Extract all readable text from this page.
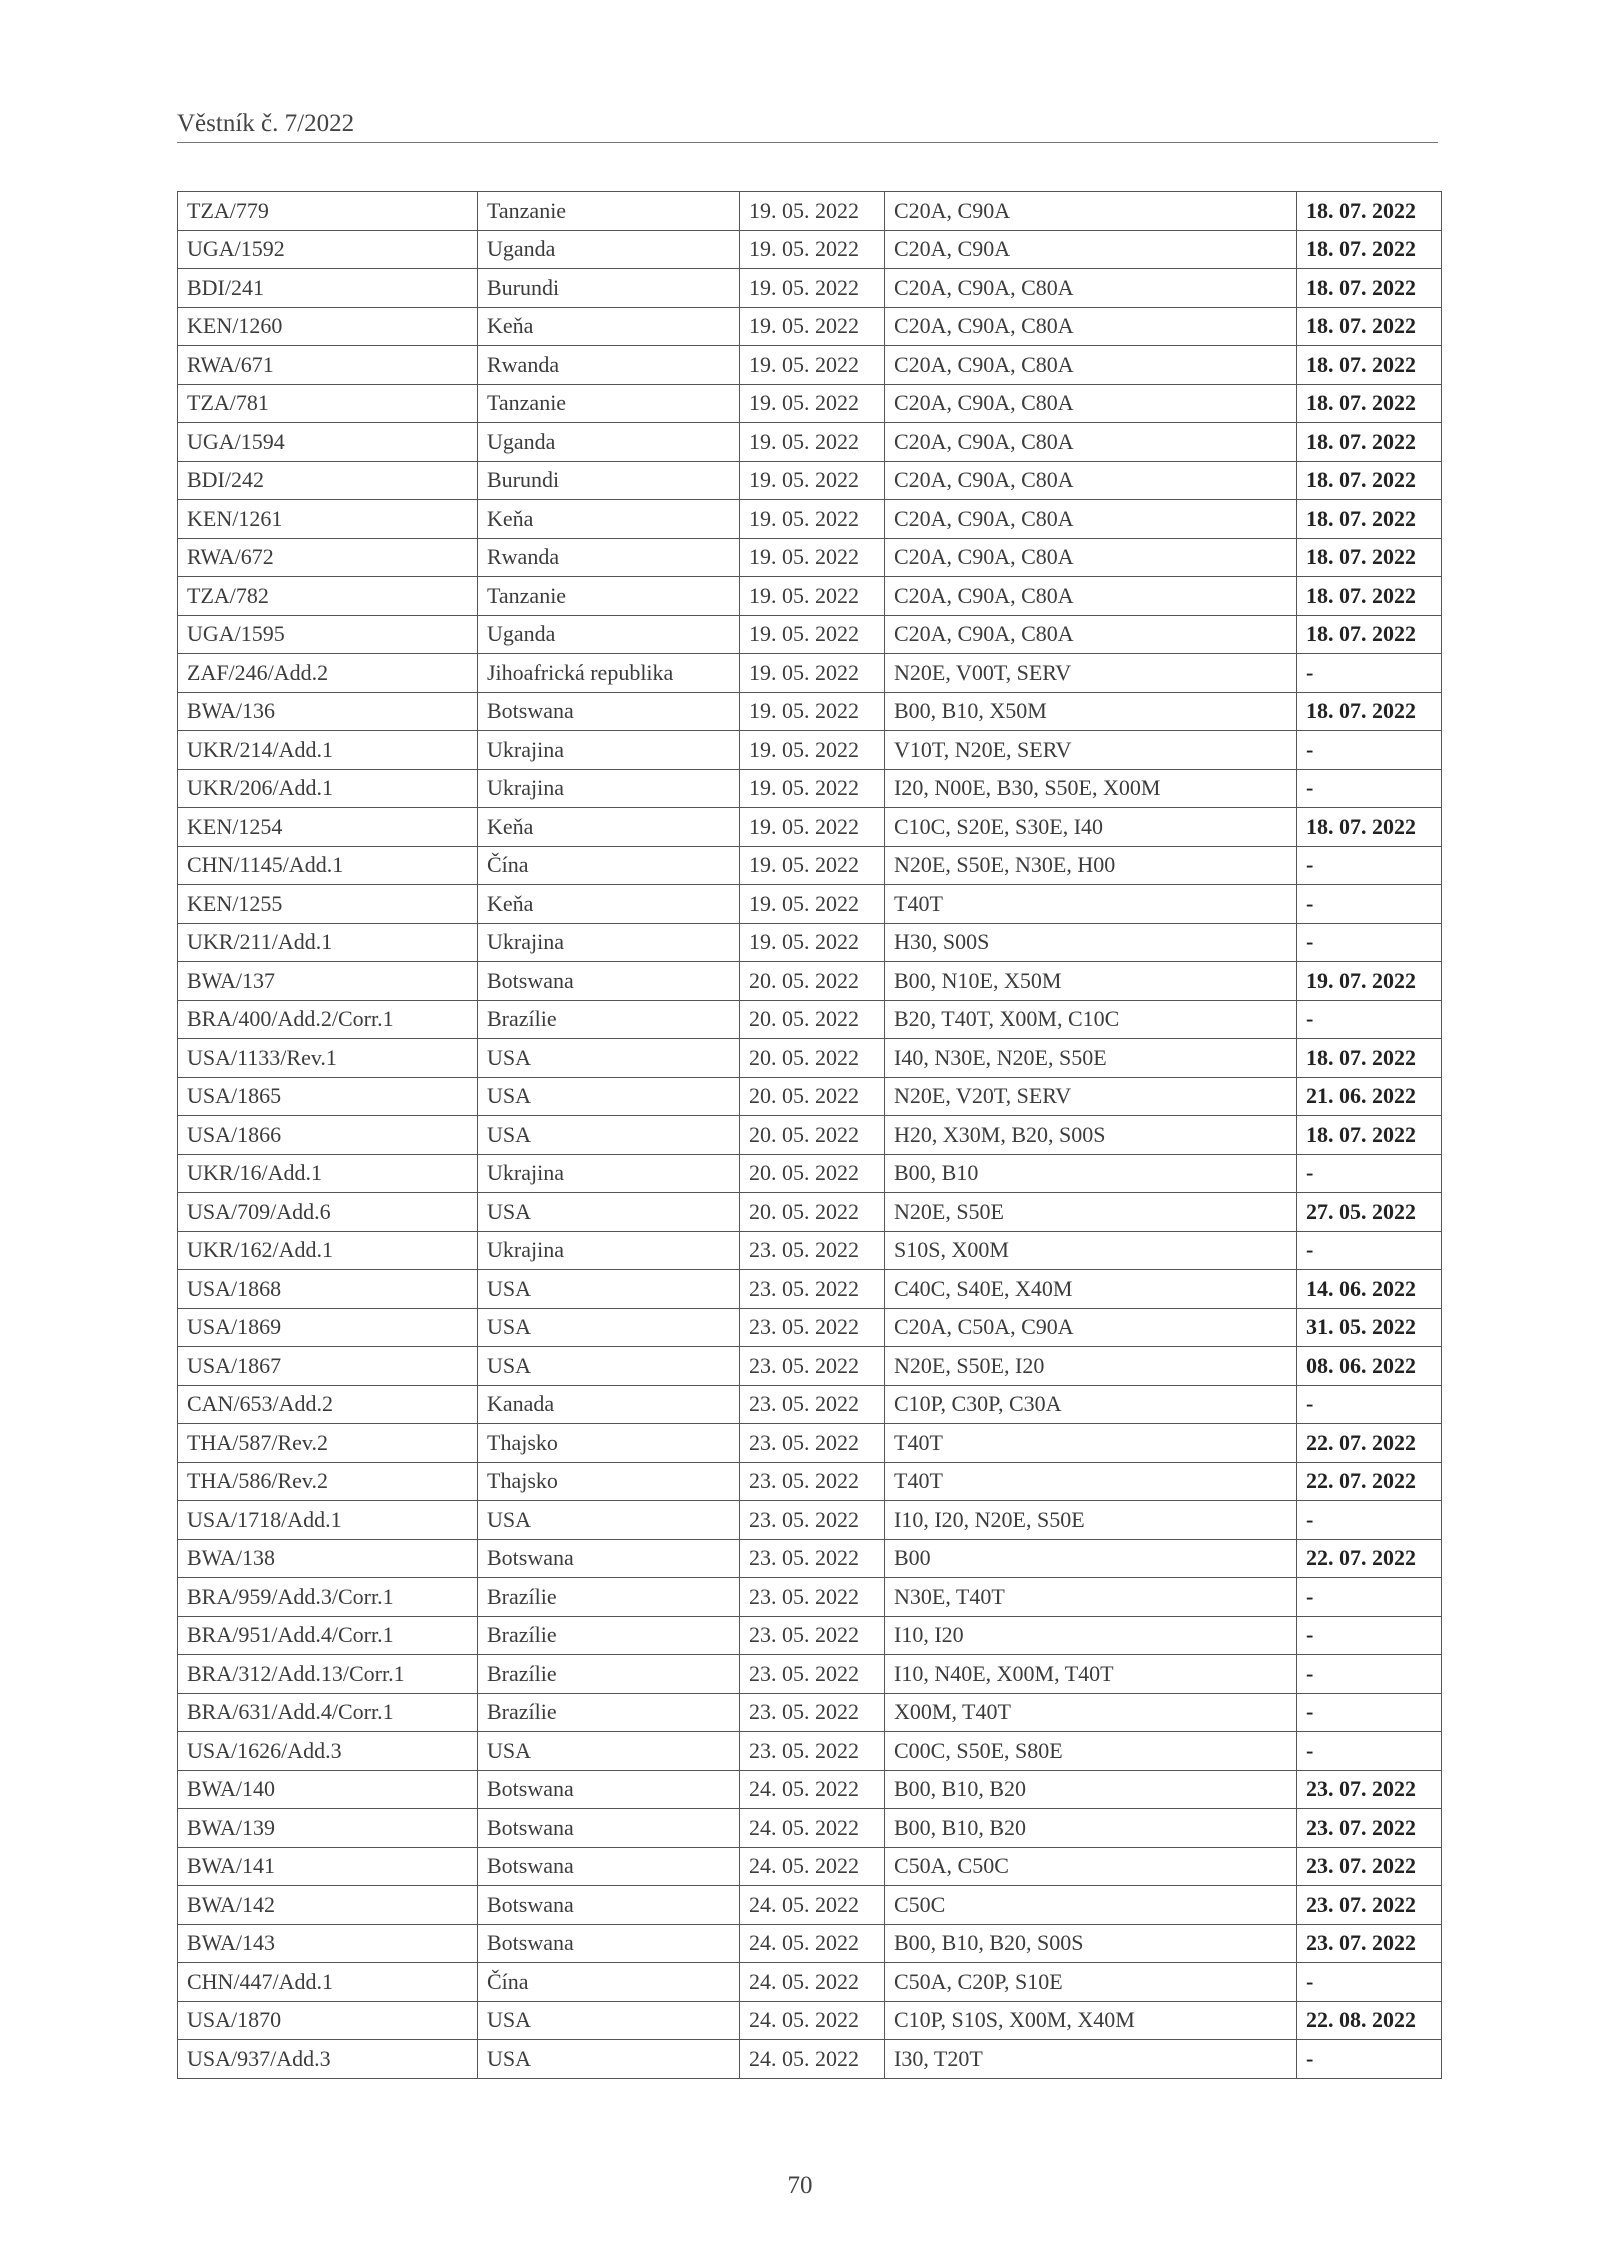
Věstník č. 7/2022
TZA/779	Tanzanie	19. 05. 2022	C20A, C90A	18. 07. 2022
UGA/1592	Uganda	19. 05. 2022	C20A, C90A	18. 07. 2022
BDI/241	Burundi	19. 05. 2022	C20A, C90A, C80A	18. 07. 2022
KEN/1260	Keňa	19. 05. 2022	C20A, C90A, C80A	18. 07. 2022
RWA/671	Rwanda	19. 05. 2022	C20A, C90A, C80A	18. 07. 2022
TZA/781	Tanzanie	19. 05. 2022	C20A, C90A, C80A	18. 07. 2022
UGA/1594	Uganda	19. 05. 2022	C20A, C90A, C80A	18. 07. 2022
BDI/242	Burundi	19. 05. 2022	C20A, C90A, C80A	18. 07. 2022
KEN/1261	Keňa	19. 05. 2022	C20A, C90A, C80A	18. 07. 2022
RWA/672	Rwanda	19. 05. 2022	C20A, C90A, C80A	18. 07. 2022
TZA/782	Tanzanie	19. 05. 2022	C20A, C90A, C80A	18. 07. 2022
UGA/1595	Uganda	19. 05. 2022	C20A, C90A, C80A	18. 07. 2022
ZAF/246/Add.2	Jihoafrická republika	19. 05. 2022	N20E, V00T, SERV	-
BWA/136	Botswana	19. 05. 2022	B00, B10, X50M	18. 07. 2022
UKR/214/Add.1	Ukrajina	19. 05. 2022	V10T, N20E, SERV	-
UKR/206/Add.1	Ukrajina	19. 05. 2022	I20, N00E, B30, S50E, X00M	-
KEN/1254	Keňa	19. 05. 2022	C10C, S20E, S30E, I40	18. 07. 2022
CHN/1145/Add.1	Čína	19. 05. 2022	N20E, S50E, N30E, H00	-
KEN/1255	Keňa	19. 05. 2022	T40T	-
UKR/211/Add.1	Ukrajina	19. 05. 2022	H30, S00S	-
BWA/137	Botswana	20. 05. 2022	B00, N10E, X50M	19. 07. 2022
BRA/400/Add.2/Corr.1	Brazílie	20. 05. 2022	B20, T40T, X00M, C10C	-
USA/1133/Rev.1	USA	20. 05. 2022	I40, N30E, N20E, S50E	18. 07. 2022
USA/1865	USA	20. 05. 2022	N20E, V20T, SERV	21. 06. 2022
USA/1866	USA	20. 05. 2022	H20, X30M, B20, S00S	18. 07. 2022
UKR/16/Add.1	Ukrajina	20. 05. 2022	B00, B10	-
USA/709/Add.6	USA	20. 05. 2022	N20E, S50E	27. 05. 2022
UKR/162/Add.1	Ukrajina	23. 05. 2022	S10S, X00M	-
USA/1868	USA	23. 05. 2022	C40C, S40E, X40M	14. 06. 2022
USA/1869	USA	23. 05. 2022	C20A, C50A, C90A	31. 05. 2022
USA/1867	USA	23. 05. 2022	N20E, S50E, I20	08. 06. 2022
CAN/653/Add.2	Kanada	23. 05. 2022	C10P, C30P, C30A	-
THA/587/Rev.2	Thajsko	23. 05. 2022	T40T	22. 07. 2022
THA/586/Rev.2	Thajsko	23. 05. 2022	T40T	22. 07. 2022
USA/1718/Add.1	USA	23. 05. 2022	I10, I20, N20E, S50E	-
BWA/138	Botswana	23. 05. 2022	B00	22. 07. 2022
BRA/959/Add.3/Corr.1	Brazílie	23. 05. 2022	N30E, T40T	-
BRA/951/Add.4/Corr.1	Brazílie	23. 05. 2022	I10, I20	-
BRA/312/Add.13/Corr.1	Brazílie	23. 05. 2022	I10, N40E, X00M, T40T	-
BRA/631/Add.4/Corr.1	Brazílie	23. 05. 2022	X00M, T40T	-
USA/1626/Add.3	USA	23. 05. 2022	C00C, S50E, S80E	-
BWA/140	Botswana	24. 05. 2022	B00, B10, B20	23. 07. 2022
BWA/139	Botswana	24. 05. 2022	B00, B10, B20	23. 07. 2022
BWA/141	Botswana	24. 05. 2022	C50A, C50C	23. 07. 2022
BWA/142	Botswana	24. 05. 2022	C50C	23. 07. 2022
BWA/143	Botswana	24. 05. 2022	B00, B10, B20, S00S	23. 07. 2022
CHN/447/Add.1	Čína	24. 05. 2022	C50A, C20P, S10E	-
USA/1870	USA	24. 05. 2022	C10P, S10S, X00M, X40M	22. 08. 2022
USA/937/Add.3	USA	24. 05. 2022	I30, T20T	-
70
